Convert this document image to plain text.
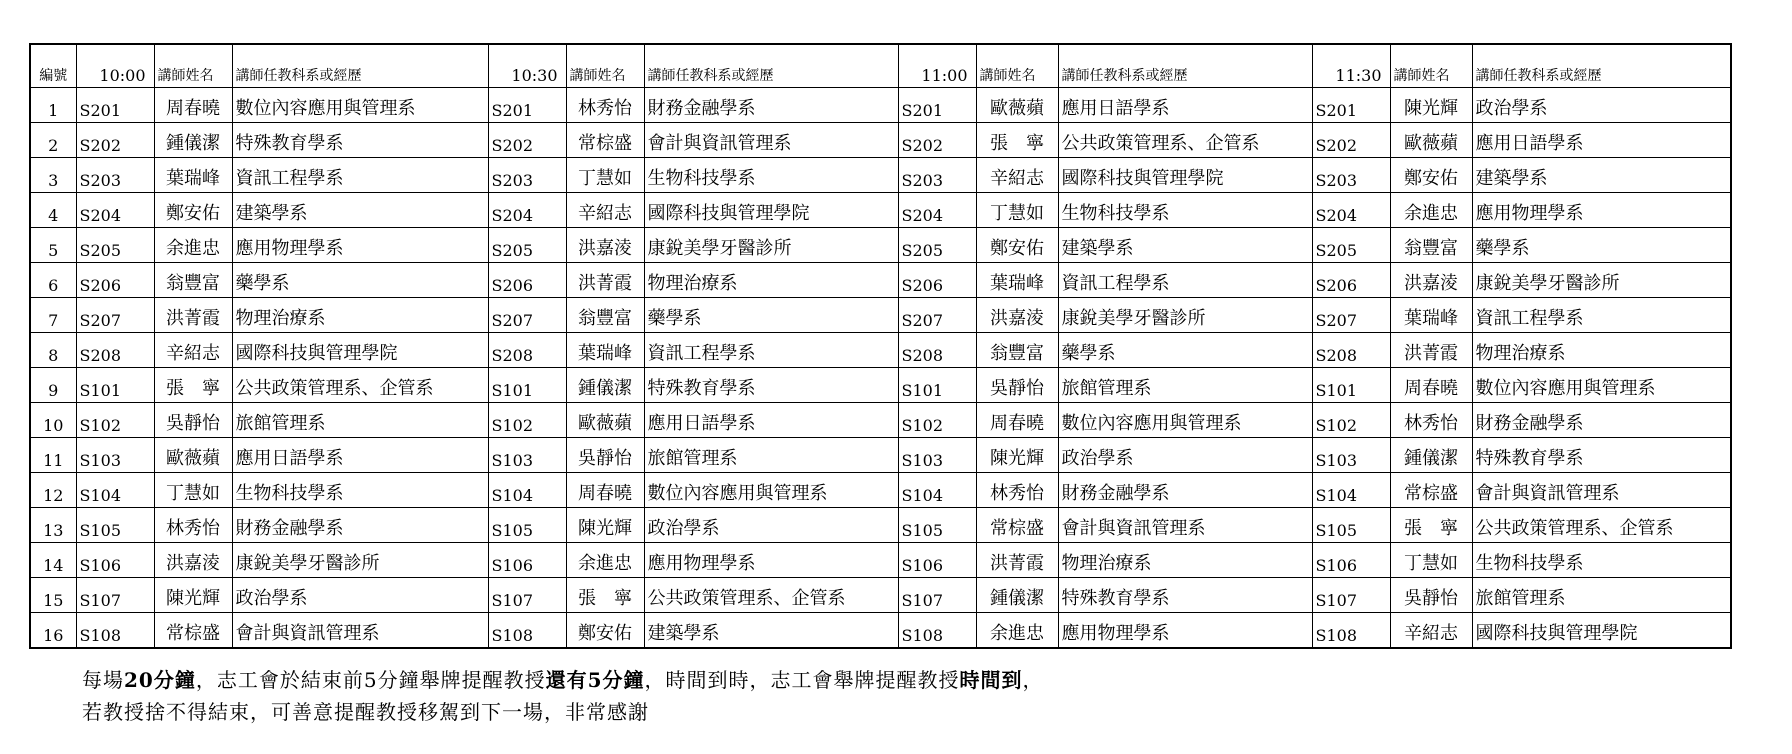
編號	10:00	講師姓名	講師任教科系或經歷	10:30	講師姓名	講師任教科系或經歷	11:00	講師姓名	講師任教科系或經歷	11:30	講師姓名	講師任教科系或經歷
1	S201	周春曉	數位內容應用與管理系	S201	林秀怡	財務金融學系	S201	歐薇蘋	應用日語學系	S201	陳光輝	政治學系
2	S202	鍾儀潔	特殊教育學系	S202	常棕盛	會計與資訊管理系	S202	張　寧	公共政策管理系、企管系	S202	歐薇蘋	應用日語學系
3	S203	葉瑞峰	資訊工程學系	S203	丁慧如	生物科技學系	S203	辛紹志	國際科技與管理學院	S203	鄭安佑	建築學系
4	S204	鄭安佑	建築學系	S204	辛紹志	國際科技與管理學院	S204	丁慧如	生物科技學系	S204	余進忠	應用物理學系
5	S205	余進忠	應用物理學系	S205	洪嘉淩	康銳美學牙醫診所	S205	鄭安佑	建築學系	S205	翁豐富	藥學系
6	S206	翁豐富	藥學系	S206	洪菁霞	物理治療系	S206	葉瑞峰	資訊工程學系	S206	洪嘉淩	康銳美學牙醫診所
7	S207	洪菁霞	物理治療系	S207	翁豐富	藥學系	S207	洪嘉淩	康銳美學牙醫診所	S207	葉瑞峰	資訊工程學系
8	S208	辛紹志	國際科技與管理學院	S208	葉瑞峰	資訊工程學系	S208	翁豐富	藥學系	S208	洪菁霞	物理治療系
9	S101	張　寧	公共政策管理系、企管系	S101	鍾儀潔	特殊教育學系	S101	吳靜怡	旅館管理系	S101	周春曉	數位內容應用與管理系
10	S102	吳靜怡	旅館管理系	S102	歐薇蘋	應用日語學系	S102	周春曉	數位內容應用與管理系	S102	林秀怡	財務金融學系
11	S103	歐薇蘋	應用日語學系	S103	吳靜怡	旅館管理系	S103	陳光輝	政治學系	S103	鍾儀潔	特殊教育學系
12	S104	丁慧如	生物科技學系	S104	周春曉	數位內容應用與管理系	S104	林秀怡	財務金融學系	S104	常棕盛	會計與資訊管理系
13	S105	林秀怡	財務金融學系	S105	陳光輝	政治學系	S105	常棕盛	會計與資訊管理系	S105	張　寧	公共政策管理系、企管系
14	S106	洪嘉淩	康銳美學牙醫診所	S106	余進忠	應用物理學系	S106	洪菁霞	物理治療系	S106	丁慧如	生物科技學系
15	S107	陳光輝	政治學系	S107	張　寧	公共政策管理系、企管系	S107	鍾儀潔	特殊教育學系	S107	吳靜怡	旅館管理系
16	S108	常棕盛	會計與資訊管理系	S108	鄭安佑	建築學系	S108	余進忠	應用物理學系	S108	辛紹志	國際科技與管理學院
每場20分鐘，志工會於結束前5分鐘舉牌提醒教授還有5分鐘，時間到時，志工會舉牌提醒教授時間到，
若教授捨不得結束，可善意提醒教授移駕到下一場，非常感謝
